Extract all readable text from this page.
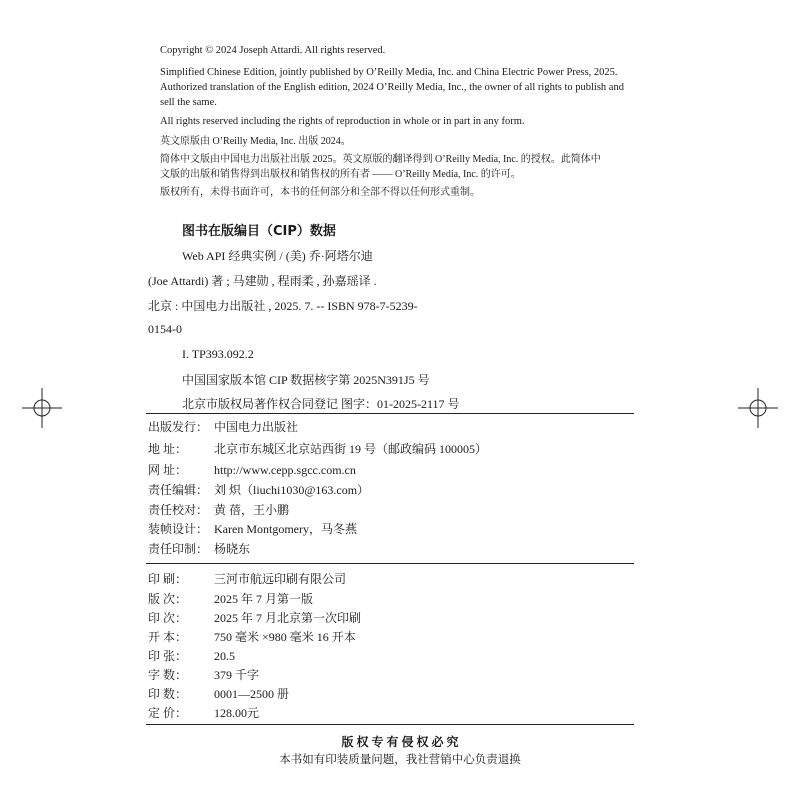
Copyright © 2024 Joseph Attardi. All rights reserved.
Simplified Chinese Edition, jointly published by O’Reilly Media, Inc. and China Electric Power Press, 2025.
Authorized translation of the English edition, 2024 O’Reilly Media, Inc., the owner of all rights to publish and
sell the same.
All rights reserved including the rights of reproduction in whole or in part in any form.
英文原版由 O’Reilly Media, Inc. 出版 2024。
简体中文版由中国电力出版社出版 2025。英文原版的翻译得到 O’Reilly Media, Inc. 的授权。此简体中
文版的出版和销售得到出版权和销售权的所有者 —— O’Reilly Media, Inc. 的许可。
版权所有，未得书面许可，本书的任何部分和全部不得以任何形式重制。
图书在版编目（CIP）数据
Web API 经典实例 / (美) 乔·阿塔尔迪
(Joe Attardi) 著 ; 马建勋 , 程雨柔 , 孙嘉瑶译 .
北京 : 中国电力出版社 , 2025. 7. -- ISBN 978-7-5239-
0154-0
I. TP393.092.2
中国国家版本馆 CIP 数据核字第 2025N391J5 号
北京市版权局著作权合同登记 图字：01-2025-2117 号
出版发行： 中国电力出版社
地 址： 北京市东城区北京站西街 19 号（邮政编码 100005）
网 址： http://www.cepp.sgcc.com.cn
责任编辑： 刘 炽（liuchi1030@163.com）
责任校对： 黄 蓓，王小鹏
装帧设计： Karen Montgomery，马冬燕
责任印制： 杨晓东
印 刷： 三河市航远印刷有限公司
版 次： 2025 年 7 月第一版
印 次： 2025 年 7 月北京第一次印刷
开 本： 750 毫米 ×980 毫米 16 开本
印 张： 20.5
字 数： 379 千字
印 数： 0001—2500 册
定 价： 128.00元
版 权 专 有 侵 权 必 究
本书如有印装质量问题，我社营销中心负责退换
